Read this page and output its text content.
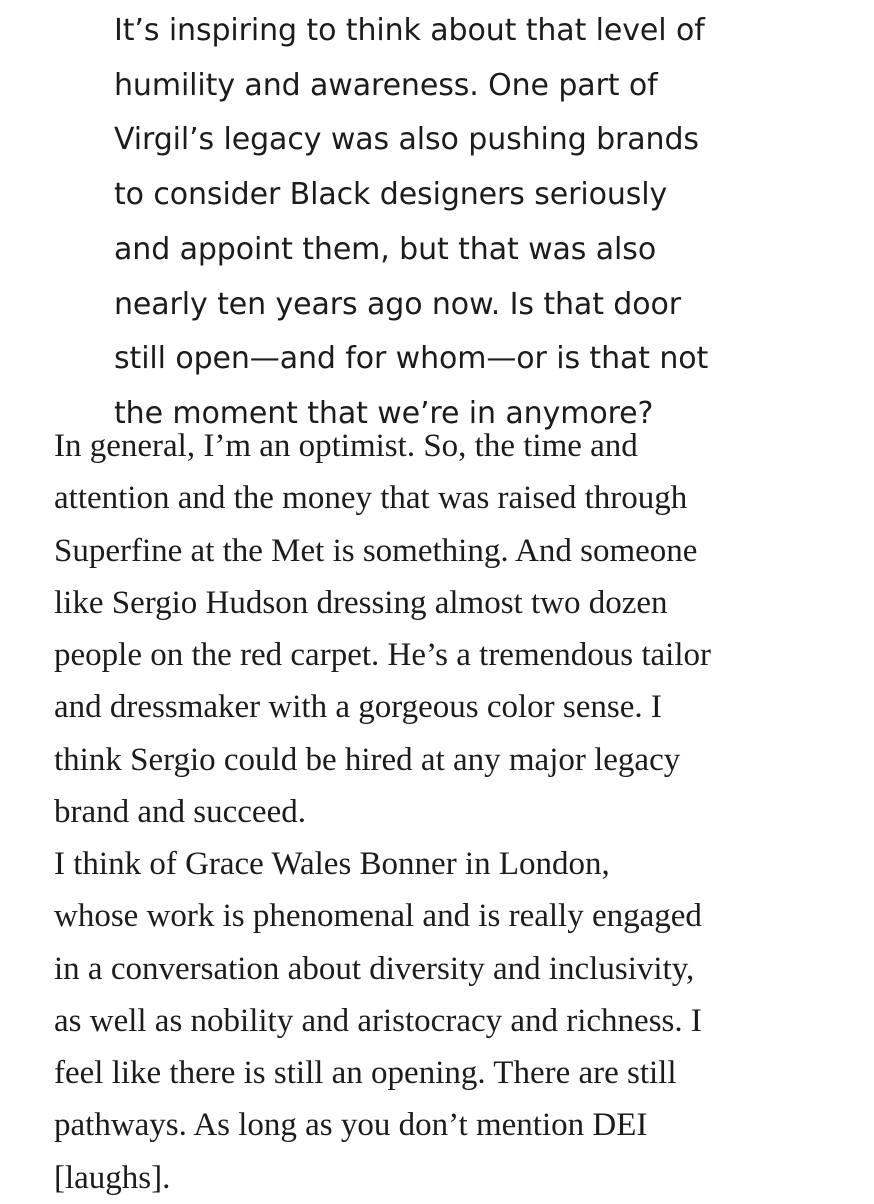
It’s inspiring to think about that level of
humility and awareness. One part of
Virgil’s legacy was also pushing brands
to consider Black designers seriously
and appoint them, but that was also
nearly ten years ago now. Is that door
still open—and for whom—or is that not
the moment that we’re in anymore?
In general, I’m an optimist. So, the time and
attention and the money that was raised through
Superfine at the Met is something. And someone
like Sergio Hudson dressing almost two dozen
people on the red carpet. He’s a tremendous tailor
and dressmaker with a gorgeous color sense. I
think Sergio could be hired at any major legacy
brand and succeed.
I think of Grace Wales Bonner in London,
whose work is phenomenal and is really engaged
in a conversation about diversity and inclusivity,
as well as nobility and aristocracy and richness. I
feel like there is still an opening. There are still
pathways. As long as you don’t mention DEI
[laughs].
